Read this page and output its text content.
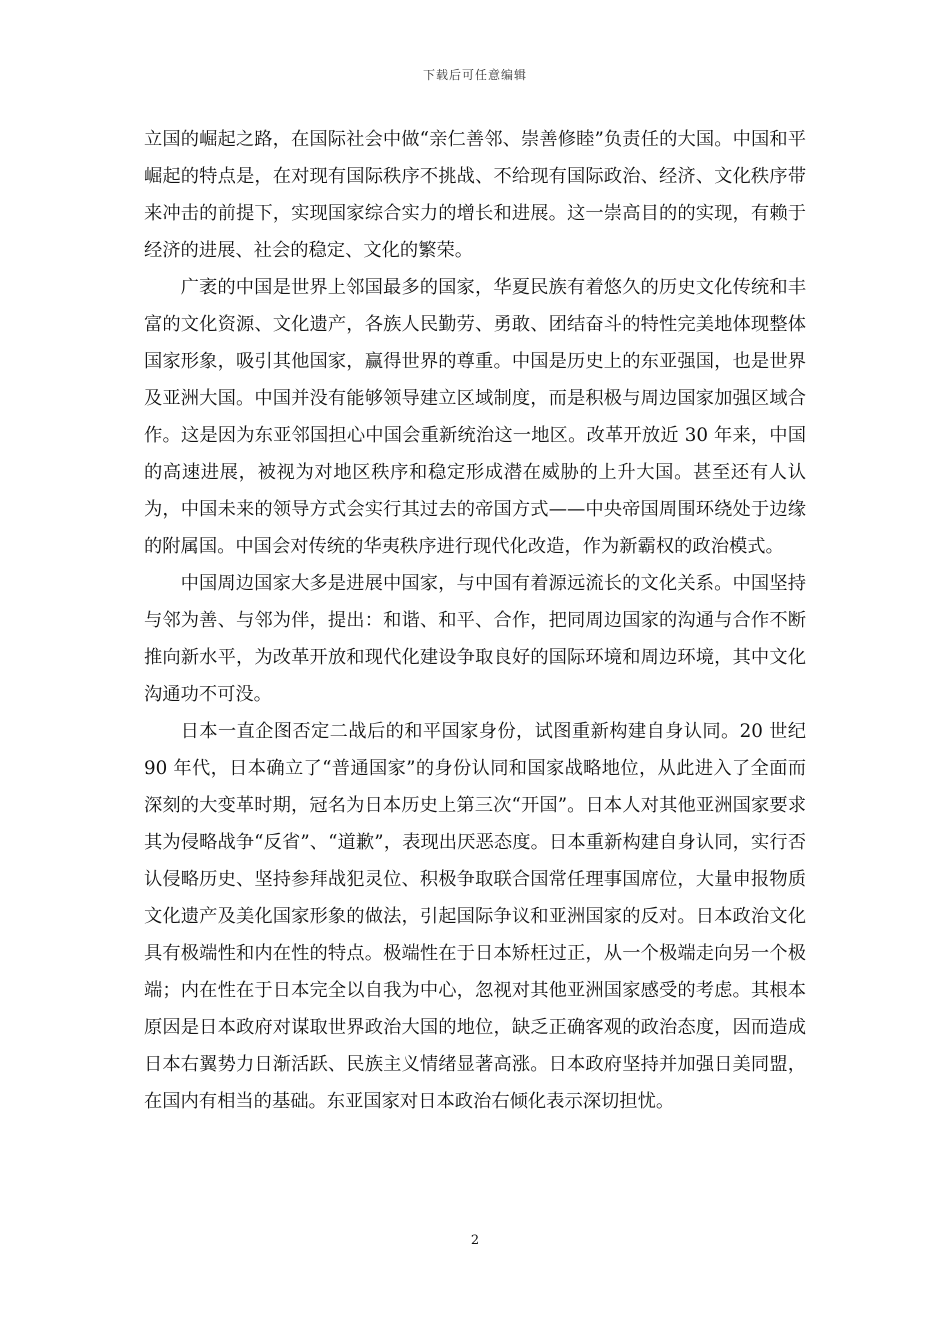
下载后可任意编辑

立国的崛起之路，在国际社会中做“亲仁善邻、崇善修睦”负责任的大国。中国和平崛起的特点是，在对现有国际秩序不挑战、不给现有国际政治、经济、文化秩序带来冲击的前提下，实现国家综合实力的增长和进展。这一崇高目的的实现，有赖于经济的进展、社会的稳定、文化的繁荣。

广袤的中国是世界上邻国最多的国家，华夏民族有着悠久的历史文化传统和丰富的文化资源、文化遗产，各族人民勤劳、勇敢、团结奋斗的特性完美地体现整体国家形象，吸引其他国家，赢得世界的尊重。中国是历史上的东亚强国，也是世界及亚洲大国。中国并没有能够领导建立区域制度，而是积极与周边国家加强区域合作。这是因为东亚邻国担心中国会重新统治这一地区。改革开放近 30 年来，中国的高速进展，被视为对地区秩序和稳定形成潜在威胁的上升大国。甚至还有人认为，中国未来的领导方式会实行其过去的帝国方式——中央帝国周围环绕处于边缘的附属国。中国会对传统的华夷秩序进行现代化改造，作为新霸权的政治模式。

中国周边国家大多是进展中国家，与中国有着源远流长的文化关系。中国坚持与邻为善、与邻为伴，提出：和谐、和平、合作，把同周边国家的沟通与合作不断推向新水平，为改革开放和现代化建设争取良好的国际环境和周边环境，其中文化沟通功不可没。

日本一直企图否定二战后的和平国家身份，试图重新构建自身认同。20 世纪 90 年代，日本确立了“普通国家”的身份认同和国家战略地位，从此进入了全面而深刻的大变革时期，冠名为日本历史上第三次“开国”。日本人对其他亚洲国家要求其为侵略战争“反省”、“道歉”，表现出厌恶态度。日本重新构建自身认同，实行否认侵略历史、坚持参拜战犯灵位、积极争取联合国常任理事国席位，大量申报物质文化遗产及美化国家形象的做法，引起国际争议和亚洲国家的反对。日本政治文化具有极端性和内在性的特点。极端性在于日本矫枉过正，从一个极端走向另一个极端；内在性在于日本完全以自我为中心，忽视对其他亚洲国家感受的考虑。其根本原因是日本政府对谋取世界政治大国的地位，缺乏正确客观的政治态度，因而造成日本右翼势力日渐活跃、民族主义情绪显著高涨。日本政府坚持并加强日美同盟，在国内有相当的基础。东亚国家对日本政治右倾化表示深切担忧。

2
